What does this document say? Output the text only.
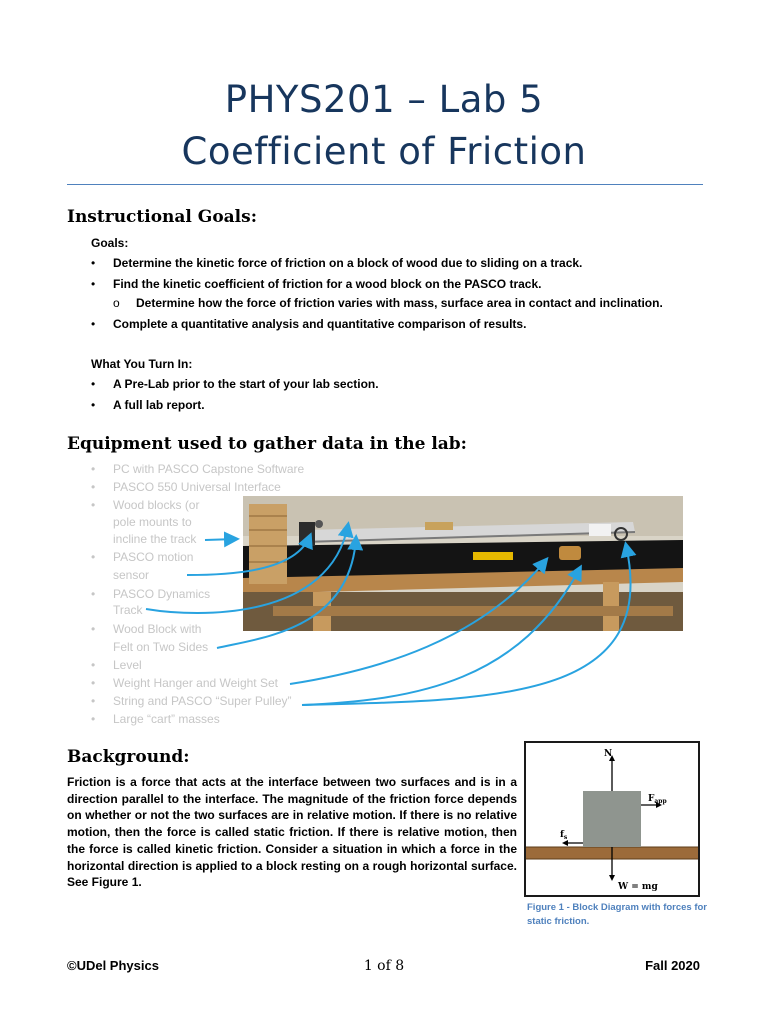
PHYS201 – Lab 5
Coefficient of Friction
Instructional Goals:
Goals:
• Determine the kinetic force of friction on a block of wood due to sliding on a track.
• Find the kinetic coefficient of friction for a wood block on the PASCO track.
o Determine how the force of friction varies with mass, surface area in contact and inclination.
• Complete a quantitative analysis and quantitative comparison of results.
What You Turn In:
• A Pre-Lab prior to the start of your lab section.
• A full lab report.
Equipment used to gather data in the lab:
• PC with PASCO Capstone Software
• PASCO 550 Universal Interface
• Wood blocks (or
pole mounts to
incline the track
• PASCO motion
sensor
• PASCO Dynamics
Track
• Wood Block with
Felt on Two Sides
• Level
• Weight Hanger and Weight Set
• String and PASCO “Super Pulley”
• Large “cart” masses
Background:
Friction is a force that acts at the interface between two surfaces and is in a direction parallel to the interface. The magnitude of the friction force depends on whether or not the two surfaces are in relative motion. If there is no relative motion, then the force is called static friction. If there is relative motion, then the force is called kinetic friction. Consider a situation in which a force in the horizontal direction is applied to a block resting on a rough horizontal surface. See Figure 1.
N
$F_{app}$
$f_s$
W = mg
Figure 1 - Block Diagram with forces for static friction.
©UDel Physics	1 of 8	Fall 2020
